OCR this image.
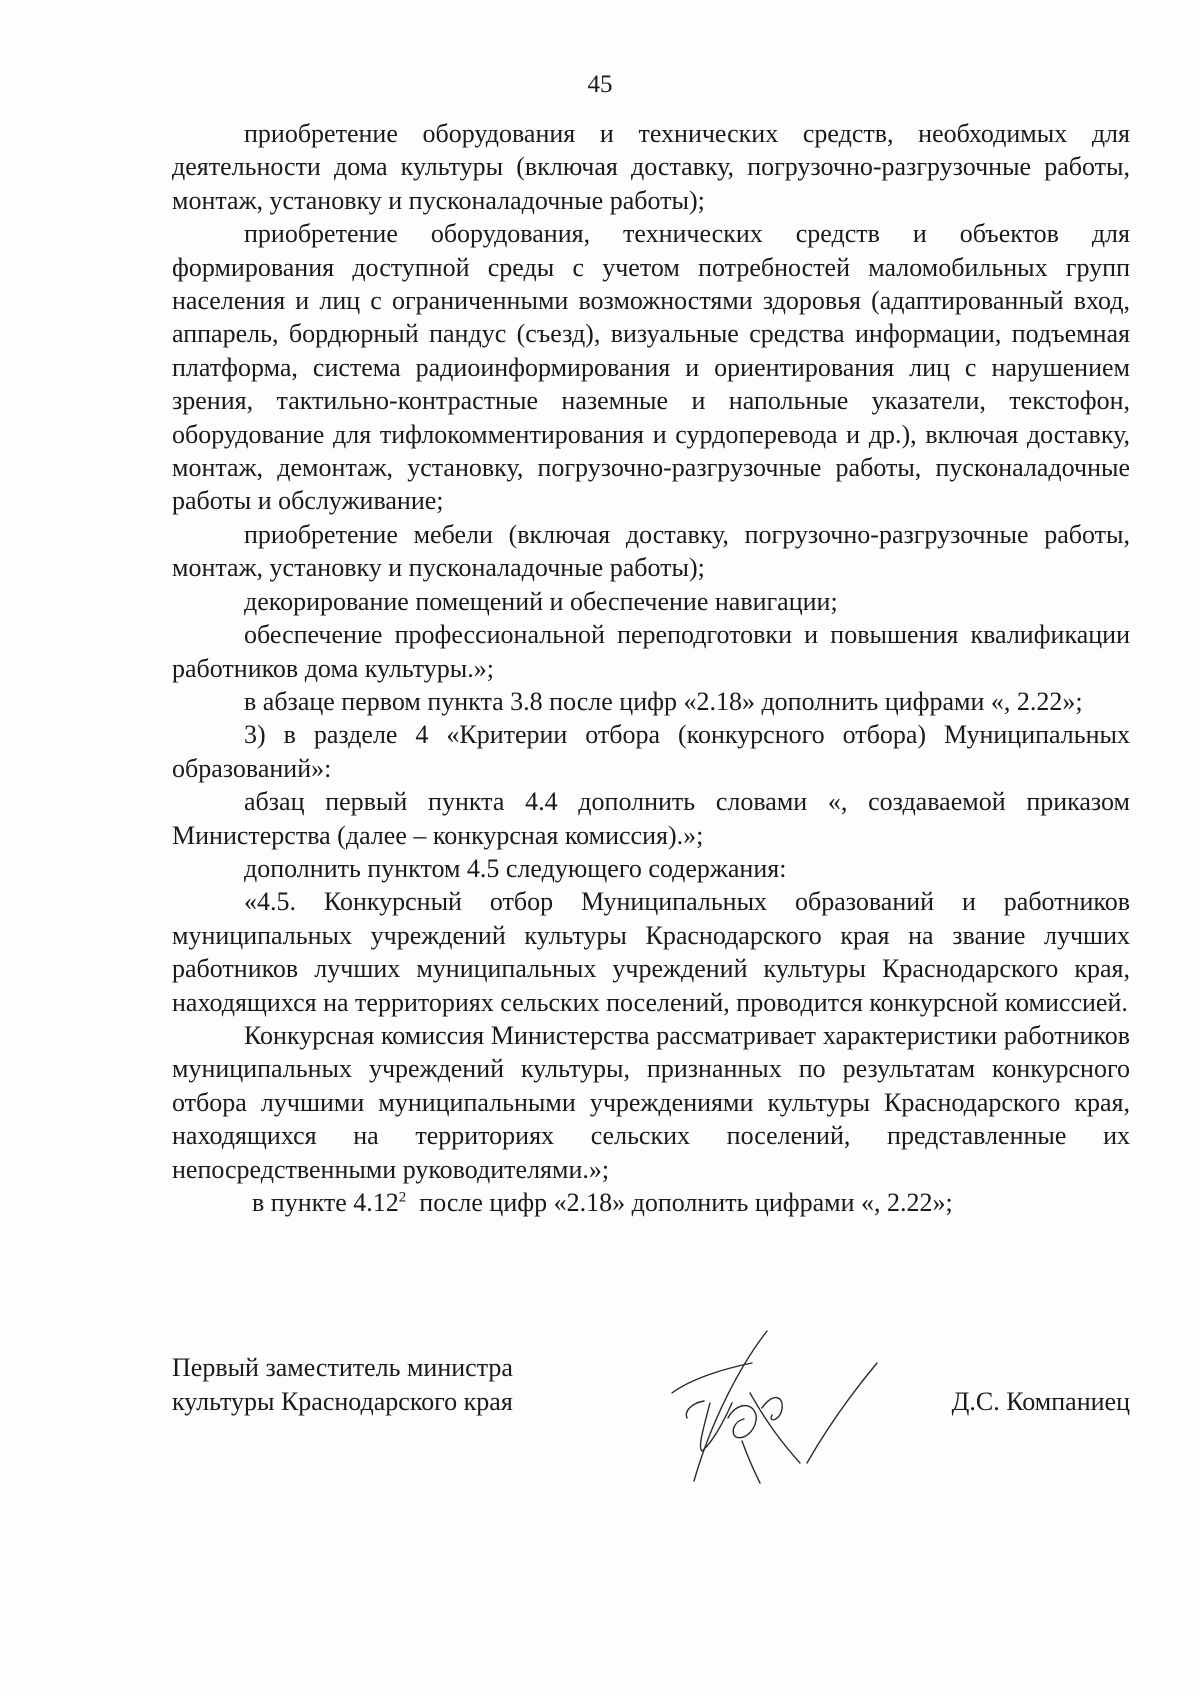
45

приобретение оборудования и технических средств, необходимых для деятельности дома культуры (включая доставку, погрузочно-разгрузочные работы, монтаж, установку и пусконаладочные работы);

приобретение оборудования, технических средств и объектов для формирования доступной среды с учетом потребностей маломобильных групп населения и лиц с ограниченными возможностями здоровья (адаптированный вход, аппарель, бордюрный пандус (съезд), визуальные средства информации, подъемная платформа, система радиоинформирования и ориентирования лиц с нарушением зрения, тактильно-контрастные наземные и напольные указатели, текстофон, оборудование для тифлокомментирования и сурдоперевода и др.), включая доставку, монтаж, демонтаж, установку, погрузочно-разгрузочные работы, пусконаладочные работы и обслуживание;

приобретение мебели (включая доставку, погрузочно-разгрузочные работы, монтаж, установку и пусконаладочные работы);

декорирование помещений и обеспечение навигации;

обеспечение профессиональной переподготовки и повышения квалификации работников дома культуры.»;

в абзаце первом пункта 3.8 после цифр «2.18» дополнить цифрами «, 2.22»;

3) в разделе 4 «Критерии отбора (конкурсного отбора) Муниципальных образований»:

абзац первый пункта 4.4 дополнить словами «, создаваемой приказом Министерства (далее – конкурсная комиссия).»;

дополнить пунктом 4.5 следующего содержания:

«4.5. Конкурсный отбор Муниципальных образований и работников муниципальных учреждений культуры Краснодарского края на звание лучших работников лучших муниципальных учреждений культуры Краснодарского края, находящихся на территориях сельских поселений, проводится конкурсной комиссией.

Конкурсная комиссия Министерства рассматривает характеристики работников муниципальных учреждений культуры, признанных по результатам конкурсного отбора лучшими муниципальными учреждениями культуры Краснодарского края, находящихся на территориях сельских поселений, представленные их непосредственными руководителями.»;

в пункте 4.12$^2$  после цифр «2.18» дополнить цифрами «, 2.22»;

Первый заместитель министра
культуры Краснодарского края	Д.С. Компаниец
